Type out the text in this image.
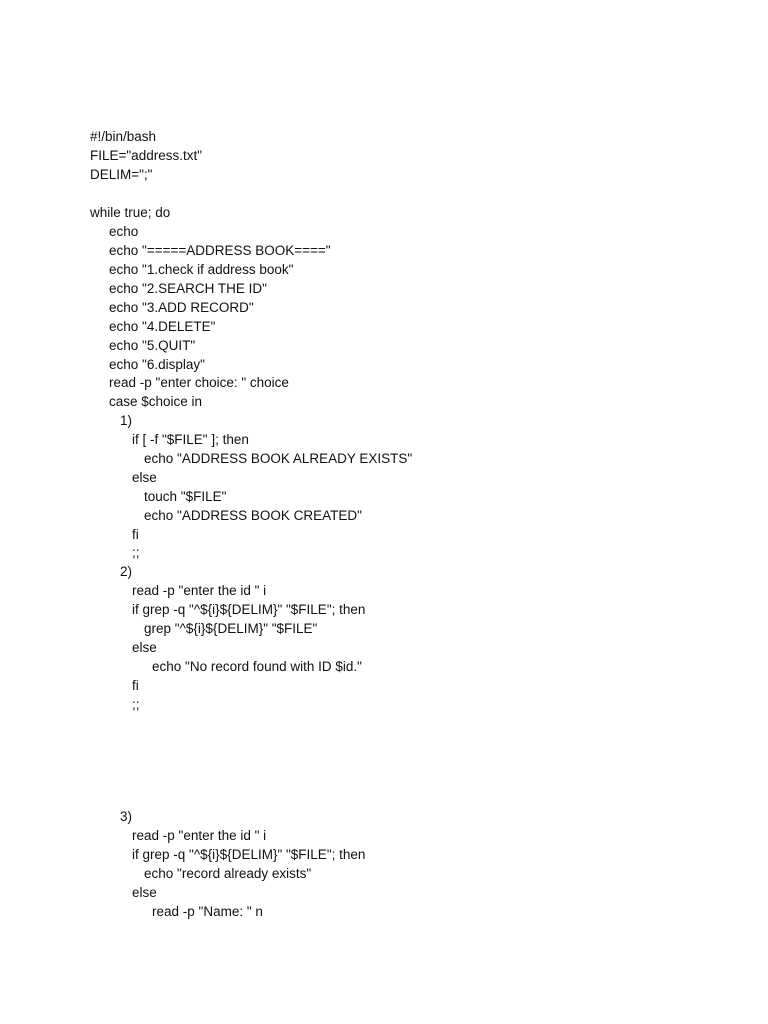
#!/bin/bash
FILE="address.txt"
DELIM=";"
while true; do
echo
echo "=====ADDRESS BOOK===="
echo "1.check if address book"
echo "2.SEARCH THE ID"
echo "3.ADD RECORD"
echo "4.DELETE"
echo "5.QUIT"
echo "6.display"
read -p "enter choice: " choice
case $choice in
1)
if [ -f "$FILE" ]; then
echo "ADDRESS BOOK ALREADY EXISTS"
else
touch "$FILE"
echo "ADDRESS BOOK CREATED"
fi
;;
2)
read -p "enter the id " i
if grep -q "^${i}${DELIM}" "$FILE"; then
grep "^${i}${DELIM}" "$FILE"
else
echo "No record found with ID $id."
fi
;;
3)
read -p "enter the id " i
if grep -q "^${i}${DELIM}" "$FILE"; then
echo "record already exists"
else
read -p "Name: " n
